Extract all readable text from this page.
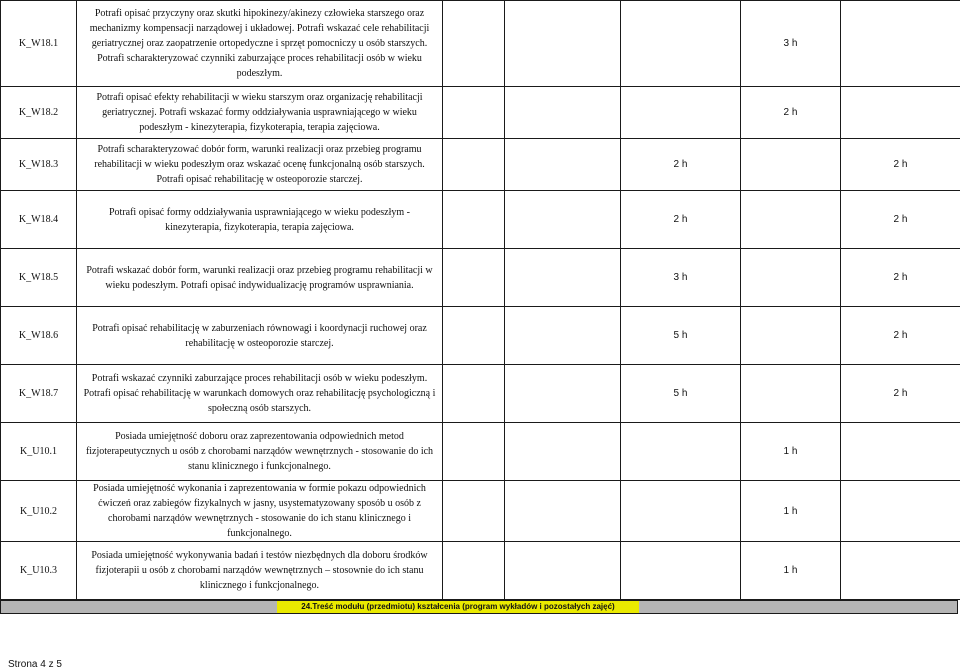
K_W18.1	Potrafi opisać przyczyny oraz skutki hipokinezy/akinezy człowieka starszego oraz
mechanizmy kompensacji narządowej i układowej. Potrafi wskazać cele rehabilitacji
geriatrycznej oraz zaopatrzenie ortopedyczne i sprzęt pomocniczy u osób starszych.
Potrafi scharakteryzować czynniki zaburzające proces rehabilitacji osób w wieku
podeszłym.				3 h	
K_W18.2	Potrafi opisać efekty rehabilitacji w wieku starszym oraz organizację rehabilitacji
geriatrycznej. Potrafi wskazać formy oddziaływania usprawniającego w wieku
podeszłym - kinezyterapia, fizykoterapia, terapia zajęciowa.				2 h	
K_W18.3	Potrafi scharakteryzować dobór form, warunki realizacji oraz przebieg programu
rehabilitacji w wieku podeszłym oraz wskazać ocenę funkcjonalną osób starszych.
Potrafi opisać rehabilitację w osteoporozie starczej.			2 h		2 h
K_W18.4	Potrafi opisać formy oddziaływania usprawniającego w wieku podeszłym -
kinezyterapia, fizykoterapia, terapia zajęciowa.			2 h		2 h
K_W18.5	Potrafi wskazać dobór form, warunki realizacji oraz przebieg programu rehabilitacji w
wieku podeszłym. Potrafi opisać indywidualizację programów usprawniania.			3 h		2 h
K_W18.6	Potrafi opisać rehabilitację w zaburzeniach równowagi i koordynacji ruchowej oraz
rehabilitację w osteoporozie starczej.			5 h		2 h
K_W18.7	Potrafi wskazać czynniki zaburzające proces rehabilitacji osób w wieku podeszłym.
Potrafi opisać rehabilitację w warunkach domowych oraz rehabilitację psychologiczną i
społeczną osób starszych.			5 h		2 h
K_U10.1	Posiada umiejętność doboru oraz zaprezentowania odpowiednich metod
fizjoterapeutycznych u osób z chorobami narządów wewnętrznych - stosowanie do ich
stanu klinicznego i funkcjonalnego.				1 h	
K_U10.2	Posiada umiejętność wykonania i zaprezentowania w formie pokazu odpowiednich
ćwiczeń oraz zabiegów fizykalnych w jasny, usystematyzowany sposób u osób z
chorobami narządów wewnętrznych - stosowanie do ich stanu klinicznego i
funkcjonalnego.				1 h	
K_U10.3	Posiada umiejętność wykonywania badań i testów niezbędnych dla doboru środków
fizjoterapii u osób z chorobami narządów wewnętrznych – stosownie do ich stanu
klinicznego i funkcjonalnego.				1 h	
24.Treść modułu (przedmiotu) kształcenia (program wykładów i pozostałych zajęć)
Strona 4 z 5
